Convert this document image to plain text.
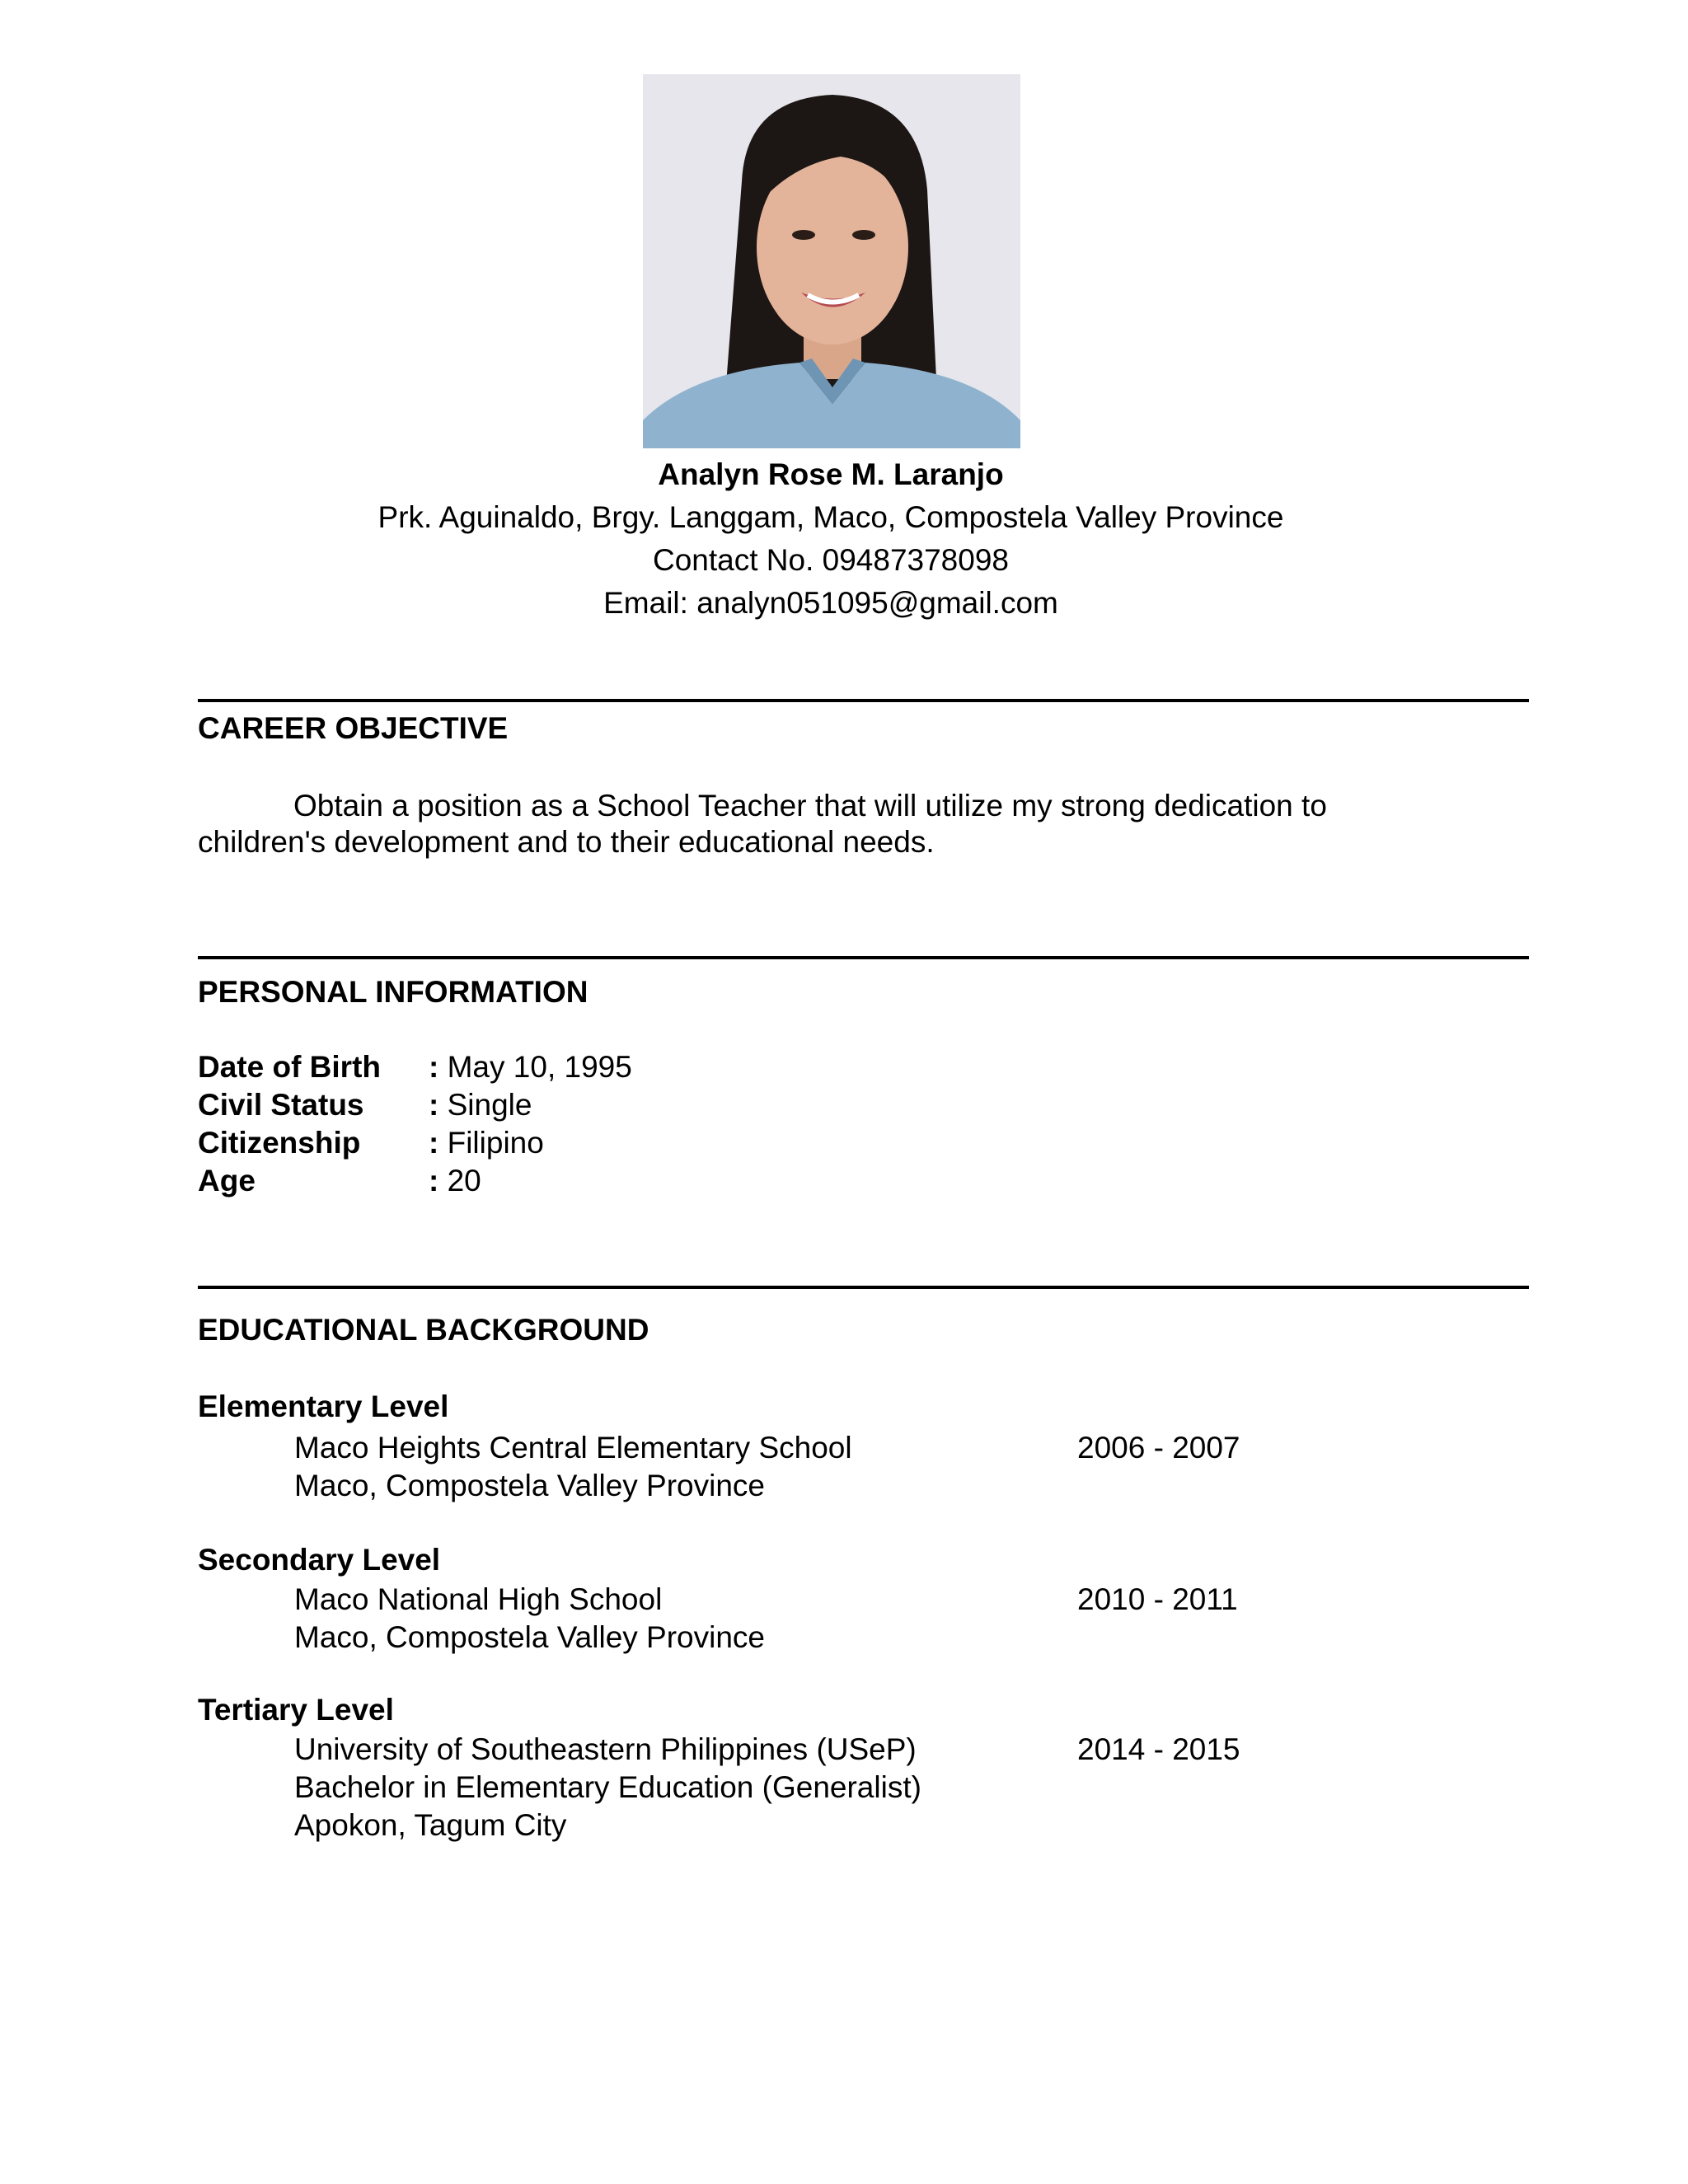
Analyn Rose M. Laranjo
Prk. Aguinaldo, Brgy. Langgam, Maco, Compostela Valley Province
Contact No. 09487378098
Email: analyn051095@gmail.com
CAREER OBJECTIVE
Obtain a position as a School Teacher that will utilize my strong dedication to children's development and to their educational needs.
PERSONAL INFORMATION
Date of Birth : May 10, 1995
Civil Status : Single
Citizenship : Filipino
Age	: 20
EDUCATIONAL BACKGROUND
Elementary Level
Maco Heights Central Elementary School	2006 - 2007
Maco, Compostela Valley Province
Secondary Level
Maco National High School	2010 - 2011
Maco, Compostela Valley Province
Tertiary Level
University of Southeastern Philippines (USeP)	2014 - 2015
Bachelor in Elementary Education (Generalist)
Apokon, Tagum City
